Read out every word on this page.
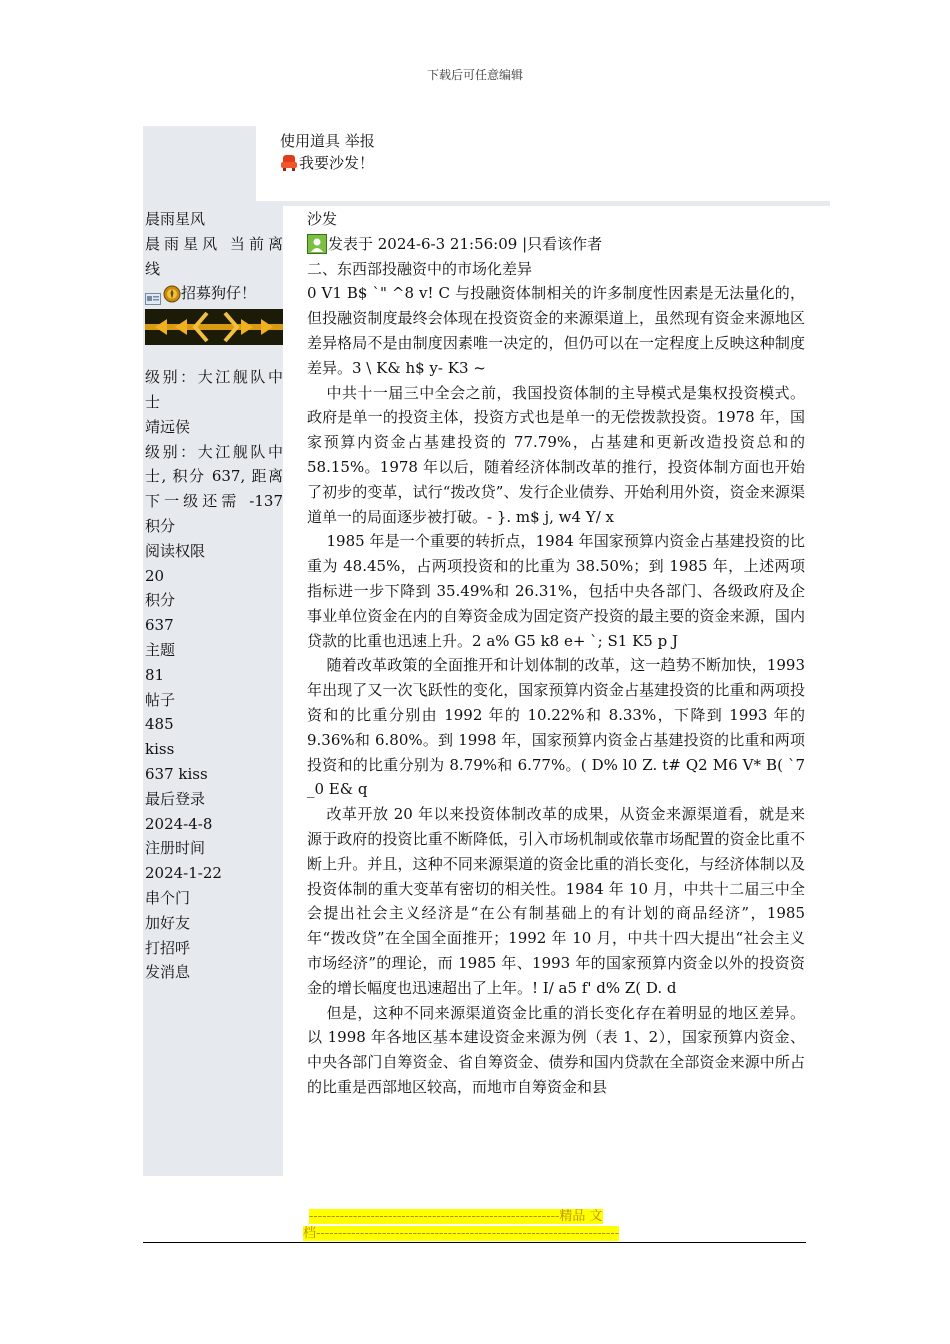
下载后可任意编辑
使用道具 举报
我要沙发！
晨雨星风
晨雨星风 当前离
线
招募狗仔！
级别：大江舰队中
士
靖远侯
级别：大江舰队中
士, 积分 637, 距离
下一级还需 -137
积分
阅读权限
20
积分
637
主题
81
帖子
485
kiss
637 kiss
最后登录
2024-4-8
注册时间
2024-1-22
串个门
加好友
打招呼
发消息

沙发

发表于 2024-6-3 21:56:09 |只看该作者

二、东西部投融资中的市场化差异

0 V1 B$ `" ^8 v! C 与投融资体制相关的许多制度性因素是无法量化的，但投融资制度最终会体现在投资资金的来源渠道上，虽然现有资金来源地区差异格局不是由制度因素唯一决定的，但仍可以在一定程度上反映这种制度差异。3 \ K& h$ y- K3 ~

中共十一届三中全会之前，我国投资体制的主导模式是集权投资模式。政府是单一的投资主体，投资方式也是单一的无偿拨款投资。1978 年，国家预算内资金占基建投资的 77.79%，占基建和更新改造投资总和的 58.15%。1978 年以后，随着经济体制改革的推行，投资体制方面也开始了初步的变革，试行“拨改贷”、发行企业债券、开始利用外资，资金来源渠道单一的局面逐步被打破。- }. m$ j, w4 Y/ x

1985 年是一个重要的转折点，1984 年国家预算内资金占基建投资的比重为 48.45%，占两项投资和的比重为 38.50%；到 1985 年，上述两项指标进一步下降到 35.49%和 26.31%，包括中央各部门、各级政府及企事业单位资金在内的自筹资金成为固定资产投资的最主要的资金来源，国内贷款的比重也迅速上升。2 a% G5 k8 e+ `; S1 K5 p J

随着改革政策的全面推开和计划体制的改革，这一趋势不断加快，1993 年出现了又一次飞跃性的变化，国家预算内资金占基建投资的比重和两项投资和的比重分别由 1992 年的 10.22%和 8.33%，下降到 1993 年的 9.36%和 6.80%。到 1998 年，国家预算内资金占基建投资的比重和两项投资和的比重分别为 8.79%和 6.77%。( D% l0 Z. t# Q2 M6 V* B( `7 _0 E& q

改革开放 20 年以来投资体制改革的成果，从资金来源渠道看，就是来源于政府的投资比重不断降低，引入市场机制或依靠市场配置的资金比重不断上升。并且，这种不同来源渠道的资金比重的消长变化，与经济体制以及投资体制的重大变革有密切的相关性。1984 年 10 月，中共十二届三中全会提出社会主义经济是“在公有制基础上的有计划的商品经济”，1985 年“拨改贷”在全国全面推开；1992 年 10 月，中共十四大提出“社会主义市场经济”的理论，而 1985 年、1993 年的国家预算内资金以外的投资资金的增长幅度也迅速超出了上年。! I/ a5 f' d% Z( D. d

但是，这种不同来源渠道资金比重的消长变化存在着明显的地区差异。以 1998 年各地区基本建设资金来源为例（表 1、2），国家预算内资金、中央各部门自筹资金、省自筹资金、债券和国内贷款在全部资金来源中所占的比重是西部地区较高，而地市自筹资金和县

---------------------------------------------------------精品 文
档---------------------------------------------------------------------
